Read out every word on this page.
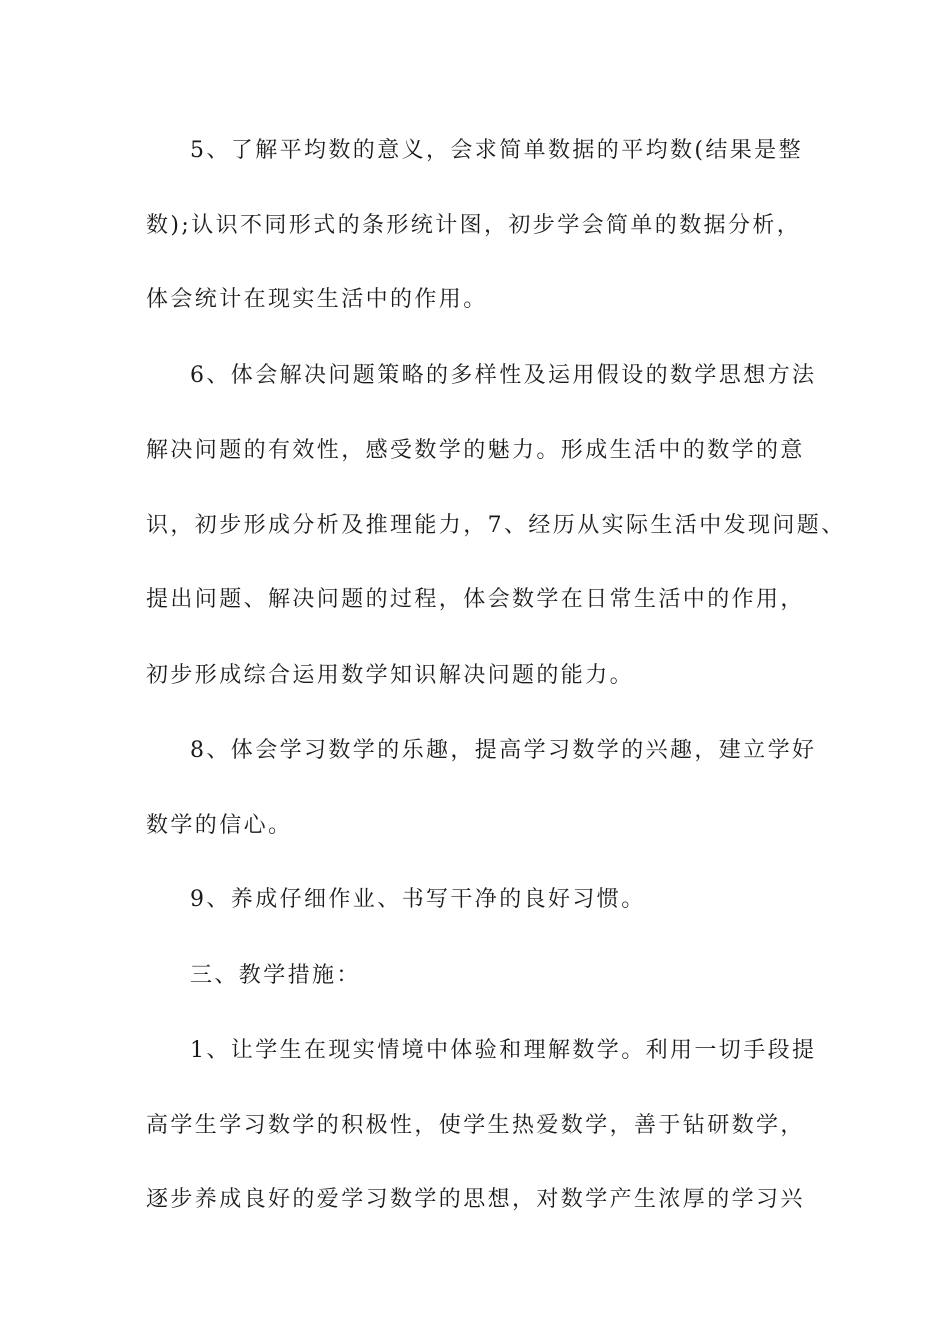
5、了解平均数的意义，会求简单数据的平均数(结果是整
数);认识不同形式的条形统计图，初步学会简单的数据分析，
体会统计在现实生活中的作用。
6、体会解决问题策略的多样性及运用假设的数学思想方法
解决问题的有效性，感受数学的魅力。形成生活中的数学的意
识，初步形成分析及推理能力，7、经历从实际生活中发现问题、
提出问题、解决问题的过程，体会数学在日常生活中的作用，
初步形成综合运用数学知识解决问题的能力。
8、体会学习数学的乐趣，提高学习数学的兴趣，建立学好
数学的信心。
9、养成仔细作业、书写干净的良好习惯。
三、教学措施：
1、让学生在现实情境中体验和理解数学。利用一切手段提
高学生学习数学的积极性，使学生热爱数学，善于钻研数学，
逐步养成良好的爱学习数学的思想，对数学产生浓厚的学习兴
